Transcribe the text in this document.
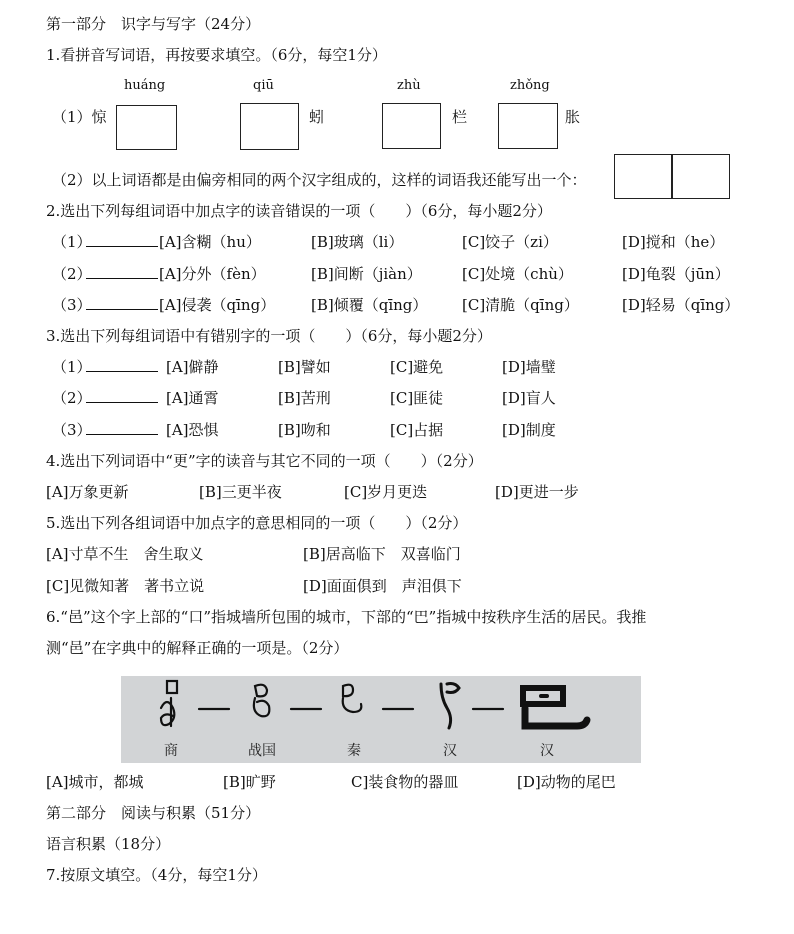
第一部分　识字与写字（24分）
1.看拼音写词语，再按要求填空。（6分，每空1分）
huáng	qiū	zhù	zhǒng
（1）惊	蚓	栏	胀
（2）以上词语都是由偏旁相同的两个汉字组成的，这样的词语我还能写出一个：
2.选出下列每组词语中加点字的读音错误的一项（　　）（6分，每小题2分）
（1）	[A]含糊（hu）	[B]玻璃（li）	[C]饺子（zi）	[D]搅和（he）
（2）	[A]分外（fèn）	[B]间断（jiàn）	[C]处境（chù）	[D]龟裂（jūn）
（3）	[A]侵袭（qīng） [B]倾覆（qīng） [C]清脆（qīng）	[D]轻易（qīng）
3.选出下列每组词语中有错别字的一项（　　）（6分，每小题2分）
（1）	[A]僻静	[B]譬如	[C]避免	[D]墙璧
（2）	[A]通霄	[B]苦刑	[C]匪徒	[D]盲人
（3）	[A]恐惧	[B]吻和	[C]占据	[D]制度
4.选出下列词语中“更”字的读音与其它不同的一项（　　）（2分）
[A]万象更新	[B]三更半夜	[C]岁月更迭	[D]更进一步
5.选出下列各组词语中加点字的意思相同的一项（　　）（2分）
[A]寸草不生　舍生取义	[B]居高临下　双喜临门
[C]见微知著　著书立说	[D]面面俱到　声泪俱下
6.“邑”这个字上部的“口”指城墙所包围的城市，下部的“巴”指城中按秩序生活的居民。我推
测“邑”在字典中的解释正确的一项是。（2分）
商	战国	秦	汉	汉
[A]城市，都城	[B]旷野	C]装食物的器皿	[D]动物的尾巴
第二部分　阅读与积累（51分）
语言积累（18分）
7.按原文填空。（4分，每空1分）
